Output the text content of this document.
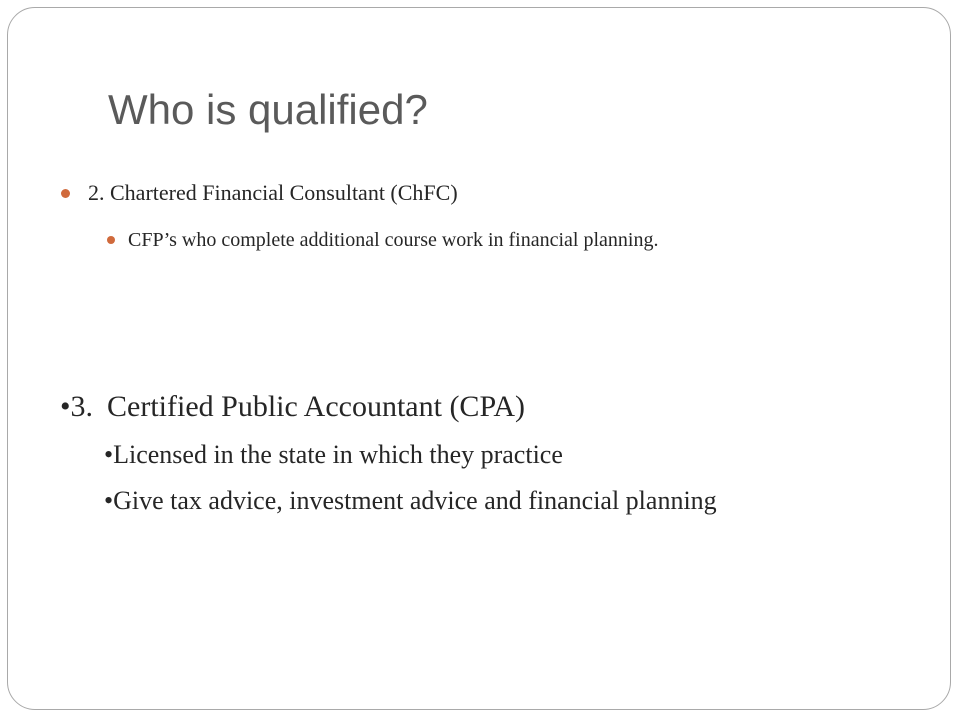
Who is qualified?
2. Chartered Financial Consultant (ChFC)
CFP’s who complete additional course work in financial planning.
•3. Certified Public Accountant (CPA)
•Licensed in the state in which they practice
•Give tax advice, investment advice and financial planning
